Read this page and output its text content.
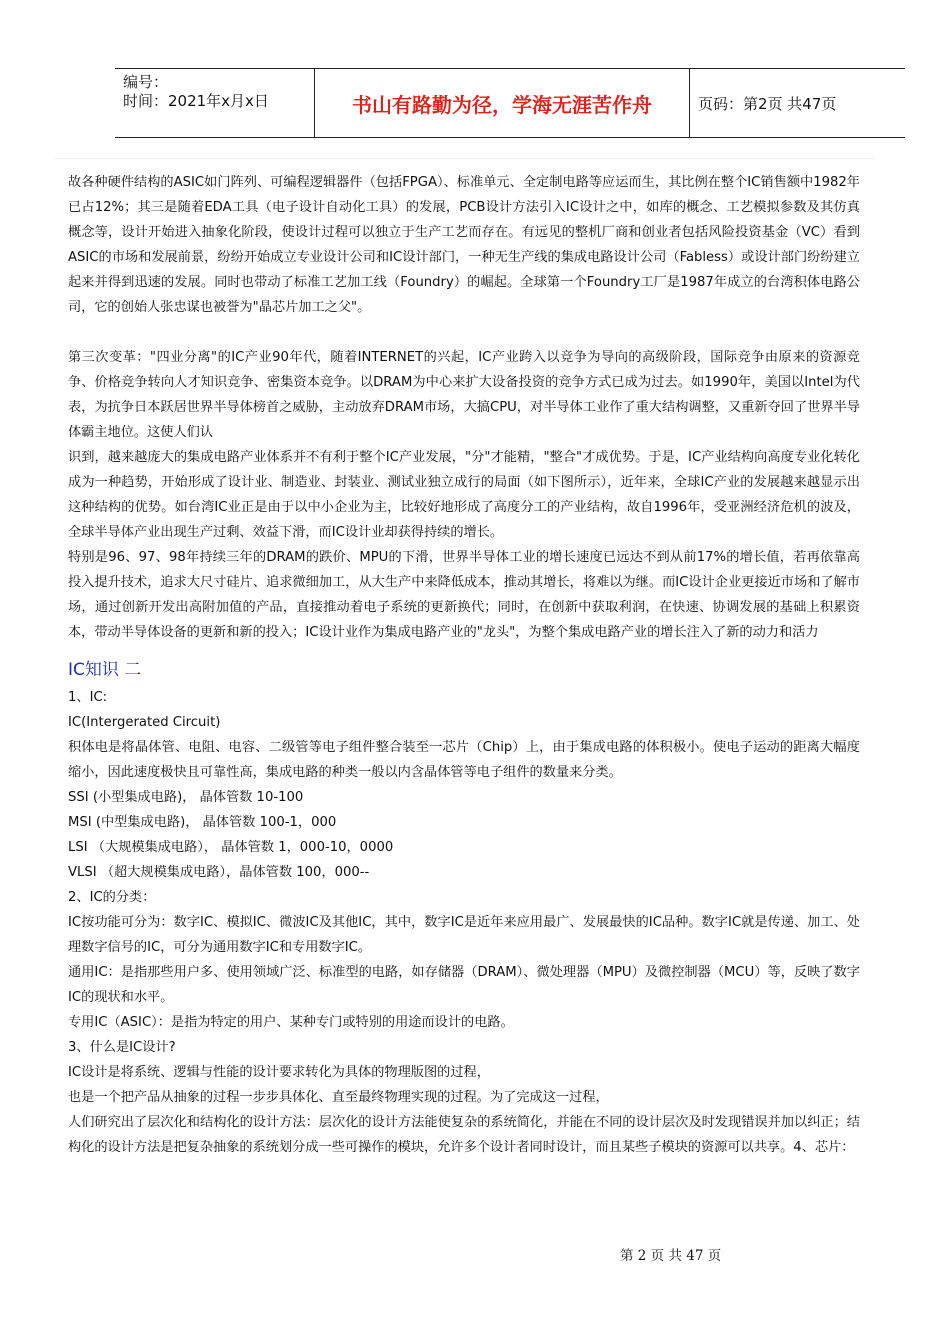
编号：
时间：2021年x月x日	书山有路勤为径，学海无涯苦作舟	页码：第2页 共47页

故各种硬件结构的ASIC如门阵列、可编程逻辑器件（包括FPGA）、标准单元、全定制电路等应运而生，其比例在整个IC销售额中1982年已占12%；其三是随着EDA工具（电子设计自动化工具）的发展，PCB设计方法引入IC设计之中，如库的概念、工艺模拟参数及其仿真概念等，设计开始进入抽象化阶段，使设计过程可以独立于生产工艺而存在。有远见的整机厂商和创业者包括风险投资基金（VC）看到ASIC的市场和发展前景，纷纷开始成立专业设计公司和IC设计部门，一种无生产线的集成电路设计公司（Fabless）或设计部门纷纷建立起来并得到迅速的发展。同时也带动了标准工艺加工线（Foundry）的崛起。全球第一个Foundry工厂是1987年成立的台湾积体电路公司，它的创始人张忠谋也被誉为"晶芯片加工之父"。

第三次变革："四业分离"的IC产业90年代，随着INTERNET的兴起，IC产业跨入以竞争为导向的高级阶段，国际竞争由原来的资源竞争、价格竞争转向人才知识竞争、密集资本竞争。以DRAM为中心来扩大设备投资的竞争方式已成为过去。如1990年，美国以Intel为代表，为抗争日本跃居世界半导体榜首之威胁，主动放弃DRAM市场，大搞CPU，对半导体工业作了重大结构调整，又重新夺回了世界半导体霸主地位。这使人们认

识到，越来越庞大的集成电路产业体系并不有利于整个IC产业发展，"分"才能精，"整合"才成优势。于是，IC产业结构向高度专业化转化成为一种趋势，开始形成了设计业、制造业、封装业、测试业独立成行的局面（如下图所示），近年来，全球IC产业的发展越来越显示出这种结构的优势。如台湾IC业正是由于以中小企业为主，比较好地形成了高度分工的产业结构，故自1996年，受亚洲经济危机的波及，全球半导体产业出现生产过剩、效益下滑，而IC设计业却获得持续的增长。

特别是96、97、98年持续三年的DRAM的跌价、MPU的下滑，世界半导体工业的增长速度已远达不到从前17%的增长值，若再依靠高投入提升技术，追求大尺寸硅片、追求微细加工，从大生产中来降低成本，推动其增长，将难以为继。而IC设计企业更接近市场和了解市场，通过创新开发出高附加值的产品，直接推动着电子系统的更新换代；同时，在创新中获取利润，在快速、协调发展的基础上积累资本，带动半导体设备的更新和新的投入；IC设计业作为集成电路产业的"龙头"，为整个集成电路产业的增长注入了新的动力和活力

IC知识 二

1、IC:

IC(Intergerated Circuit)

积体电是将晶体管、电阻、电容、二级管等电子组件整合装至一芯片（Chip）上，由于集成电路的体积极小。使电子运动的距离大幅度缩小，因此速度极快且可靠性高，集成电路的种类一般以内含晶体管等电子组件的数量来分类。

SSI (小型集成电路)， 晶体管数 10-100

MSI (中型集成电路)， 晶体管数 100-1，000

LSI （大规模集成电路）， 晶体管数 1，000-10，0000

VLSI （超大规模集成电路），晶体管数 100，000--

2、IC的分类：

IC按功能可分为：数字IC、模拟IC、微波IC及其他IC，其中，数字IC是近年来应用最广、发展最快的IC品种。数字IC就是传递、加工、处理数字信号的IC，可分为通用数字IC和专用数字IC。

通用IC：是指那些用户多、使用领域广泛、标准型的电路，如存储器（DRAM）、微处理器（MPU）及微控制器（MCU）等，反映了数字IC的现状和水平。

专用IC（ASIC）：是指为特定的用户、某种专门或特别的用途而设计的电路。

3、什么是IC设计?

IC设计是将系统、逻辑与性能的设计要求转化为具体的物理版图的过程，

也是一个把产品从抽象的过程一步步具体化、直至最终物理实现的过程。为了完成这一过程，

人们研究出了层次化和结构化的设计方法：层次化的设计方法能使复杂的系统简化，并能在不同的设计层次及时发现错误并加以纠正；结构化的设计方法是把复杂抽象的系统划分成一些可操作的模块，允许多个设计者同时设计，而且某些子模块的资源可以共享。4、芯片：

第 2 页 共 47 页
